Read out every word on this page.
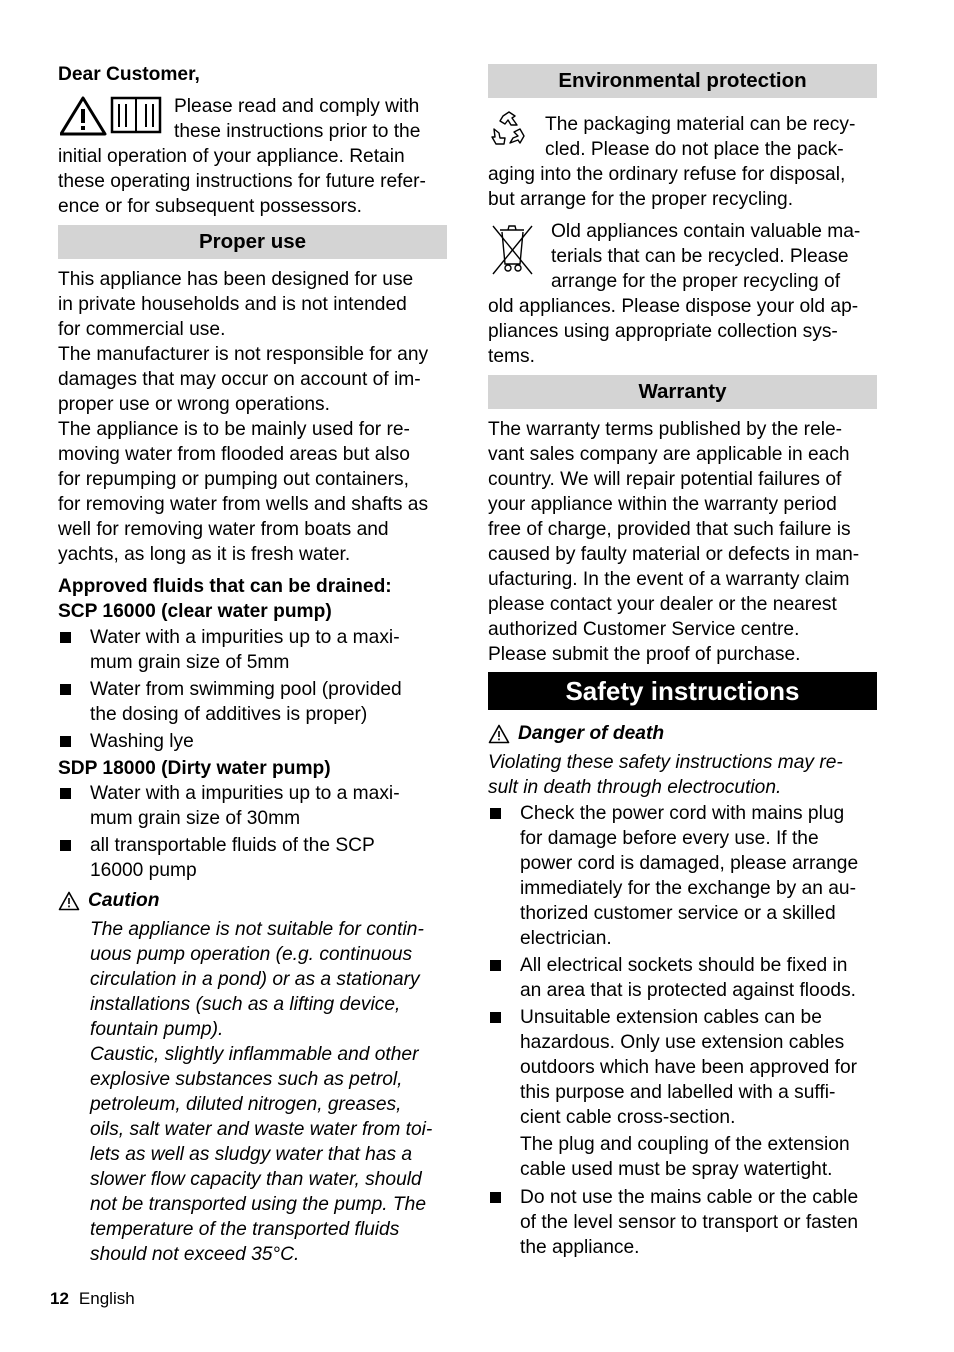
Dear Customer,

Please read and comply with
these instructions prior to the
initial operation of your appliance. Retain
these operating instructions for future refer-
ence or for subsequent possessors.
Proper use
This appliance has been designed for use
in private households and is not intended
for commercial use.
The manufacturer is not responsible for any
damages that may occur on account of im-
proper use or wrong operations.
The appliance is to be mainly used for re-
moving water from flooded areas but also
for repumping or pumping out containers,
for removing water from wells and shafts as
well for removing water from boats and
yachts, as long as it is fresh water.
Approved fluids that can be drained:
SCP 16000 (clear water pump)
Water with a impurities up to a maxi-
mum grain size of 5mm
Water from swimming pool (provided
the dosing of additives is proper)
Washing lye
SDP 18000 (Dirty water pump)
Water with a impurities up to a maxi-
mum grain size of 30mm
all transportable fluids of the SCP
16000 pump
Caution
The appliance is not suitable for contin-
uous pump operation (e.g. continuous
circulation in a pond) or as a stationary
installations (such as a lifting device,
fountain pump).
Caustic, slightly inflammable and other
explosive substances such as petrol,
petroleum, diluted nitrogen, greases,
oils, salt water and waste water from toi-
lets as well as sludgy water that has a
slower flow capacity than water, should
not be transported using the pump. The
temperature of the transported fluids
should not exceed 35°C.
Environmental protection
The packaging material can be recy-
cled. Please do not place the pack-
aging into the ordinary refuse for disposal,
but arrange for the proper recycling.
Old appliances contain valuable ma-
terials that can be recycled. Please
arrange for the proper recycling of
old appliances. Please dispose your old ap-
pliances using appropriate collection sys-
tems.
Warranty
The warranty terms published by the rele-
vant sales company are applicable in each
country. We will repair potential failures of
your appliance within the warranty period
free of charge, provided that such failure is
caused by faulty material or defects in man-
ufacturing. In the event of a warranty claim
please contact your dealer or the nearest
authorized Customer Service centre.
Please submit the proof of purchase.
Safety instructions
Danger of death
Violating these safety instructions may re-
sult in death through electrocution.
Check the power cord with mains plug
for damage before every use. If the
power cord is damaged, please arrange
immediately for the exchange by an au-
thorized customer service or a skilled
electrician.
All electrical sockets should be fixed in
an area that is protected against floods.
Unsuitable extension cables can be
hazardous. Only use extension cables
outdoors which have been approved for
this purpose and labelled with a suffi-
cient cable cross-section.
The plug and coupling of the extension
cable used must be spray watertight.
Do not use the mains cable or the cable
of the level sensor to transport or fasten
the appliance.
12 English
